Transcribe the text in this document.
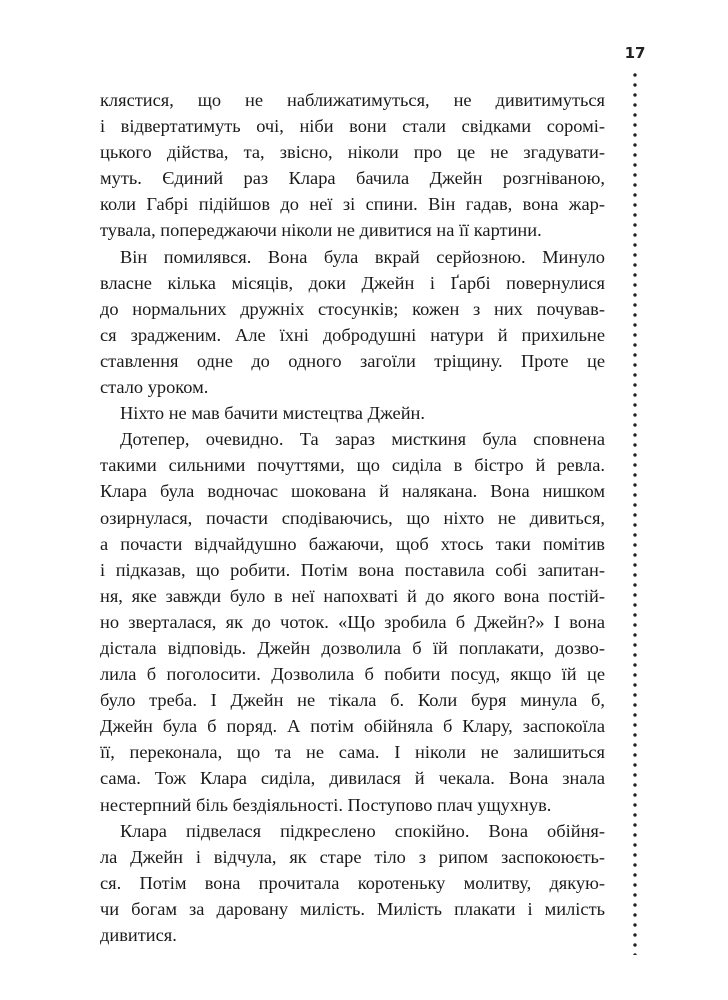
17
клястися, що не наближатимуться, не дивитимуться
і відвертатимуть очі, ніби вони стали свідками соромі-
цького дійства, та, звісно, ніколи про це не згадувати-
муть. Єдиний раз Клара бачила Джейн розгніваною,
коли Габрі підійшов до неї зі спини. Він гадав, вона жар-
тувала, попереджаючи ніколи не дивитися на її картини.
Він помилявся. Вона була вкрай серйозною. Минуло
власне кілька місяців, доки Джейн і Ґарбі повернулися
до нормальних дружніх стосунків; кожен з них почував-
ся зрадженим. Але їхні добродушні натури й прихильне
ставлення одне до одного загоїли тріщину. Проте це
стало уроком.
Ніхто не мав бачити мистецтва Джейн.
Дотепер, очевидно. Та зараз мисткиня була сповнена
такими сильними почуттями, що сиділа в бістро й ревла.
Клара була водночас шокована й налякана. Вона нишком
озирнулася, почасти сподіваючись, що ніхто не дивиться,
а почасти відчайдушно бажаючи, щоб хтось таки помітив
і підказав, що робити. Потім вона поставила собі запитан-
ня, яке завжди було в неї напохваті й до якого вона постій-
но зверталася, як до чоток. «Що зробила б Джейн?» І вона
дістала відповідь. Джейн дозволила б їй поплакати, дозво-
лила б поголосити. Дозволила б побити посуд, якщо їй це
було треба. І Джейн не тікала б. Коли буря минула б,
Джейн була б поряд. А потім обійняла б Клару, заспокоїла
її, переконала, що та не сама. І ніколи не залишиться
сама. Тож Клара сиділа, дивилася й чекала. Вона знала
нестерпний біль бездіяльності. Поступово плач ущухнув.
Клара підвелася підкреслено спокійно. Вона обійня-
ла Джейн і відчула, як старе тіло з рипом заспокоюєть-
ся. Потім вона прочитала коротеньку молитву, дякую-
чи богам за даровану милість. Милість плакати і милість
дивитися.
